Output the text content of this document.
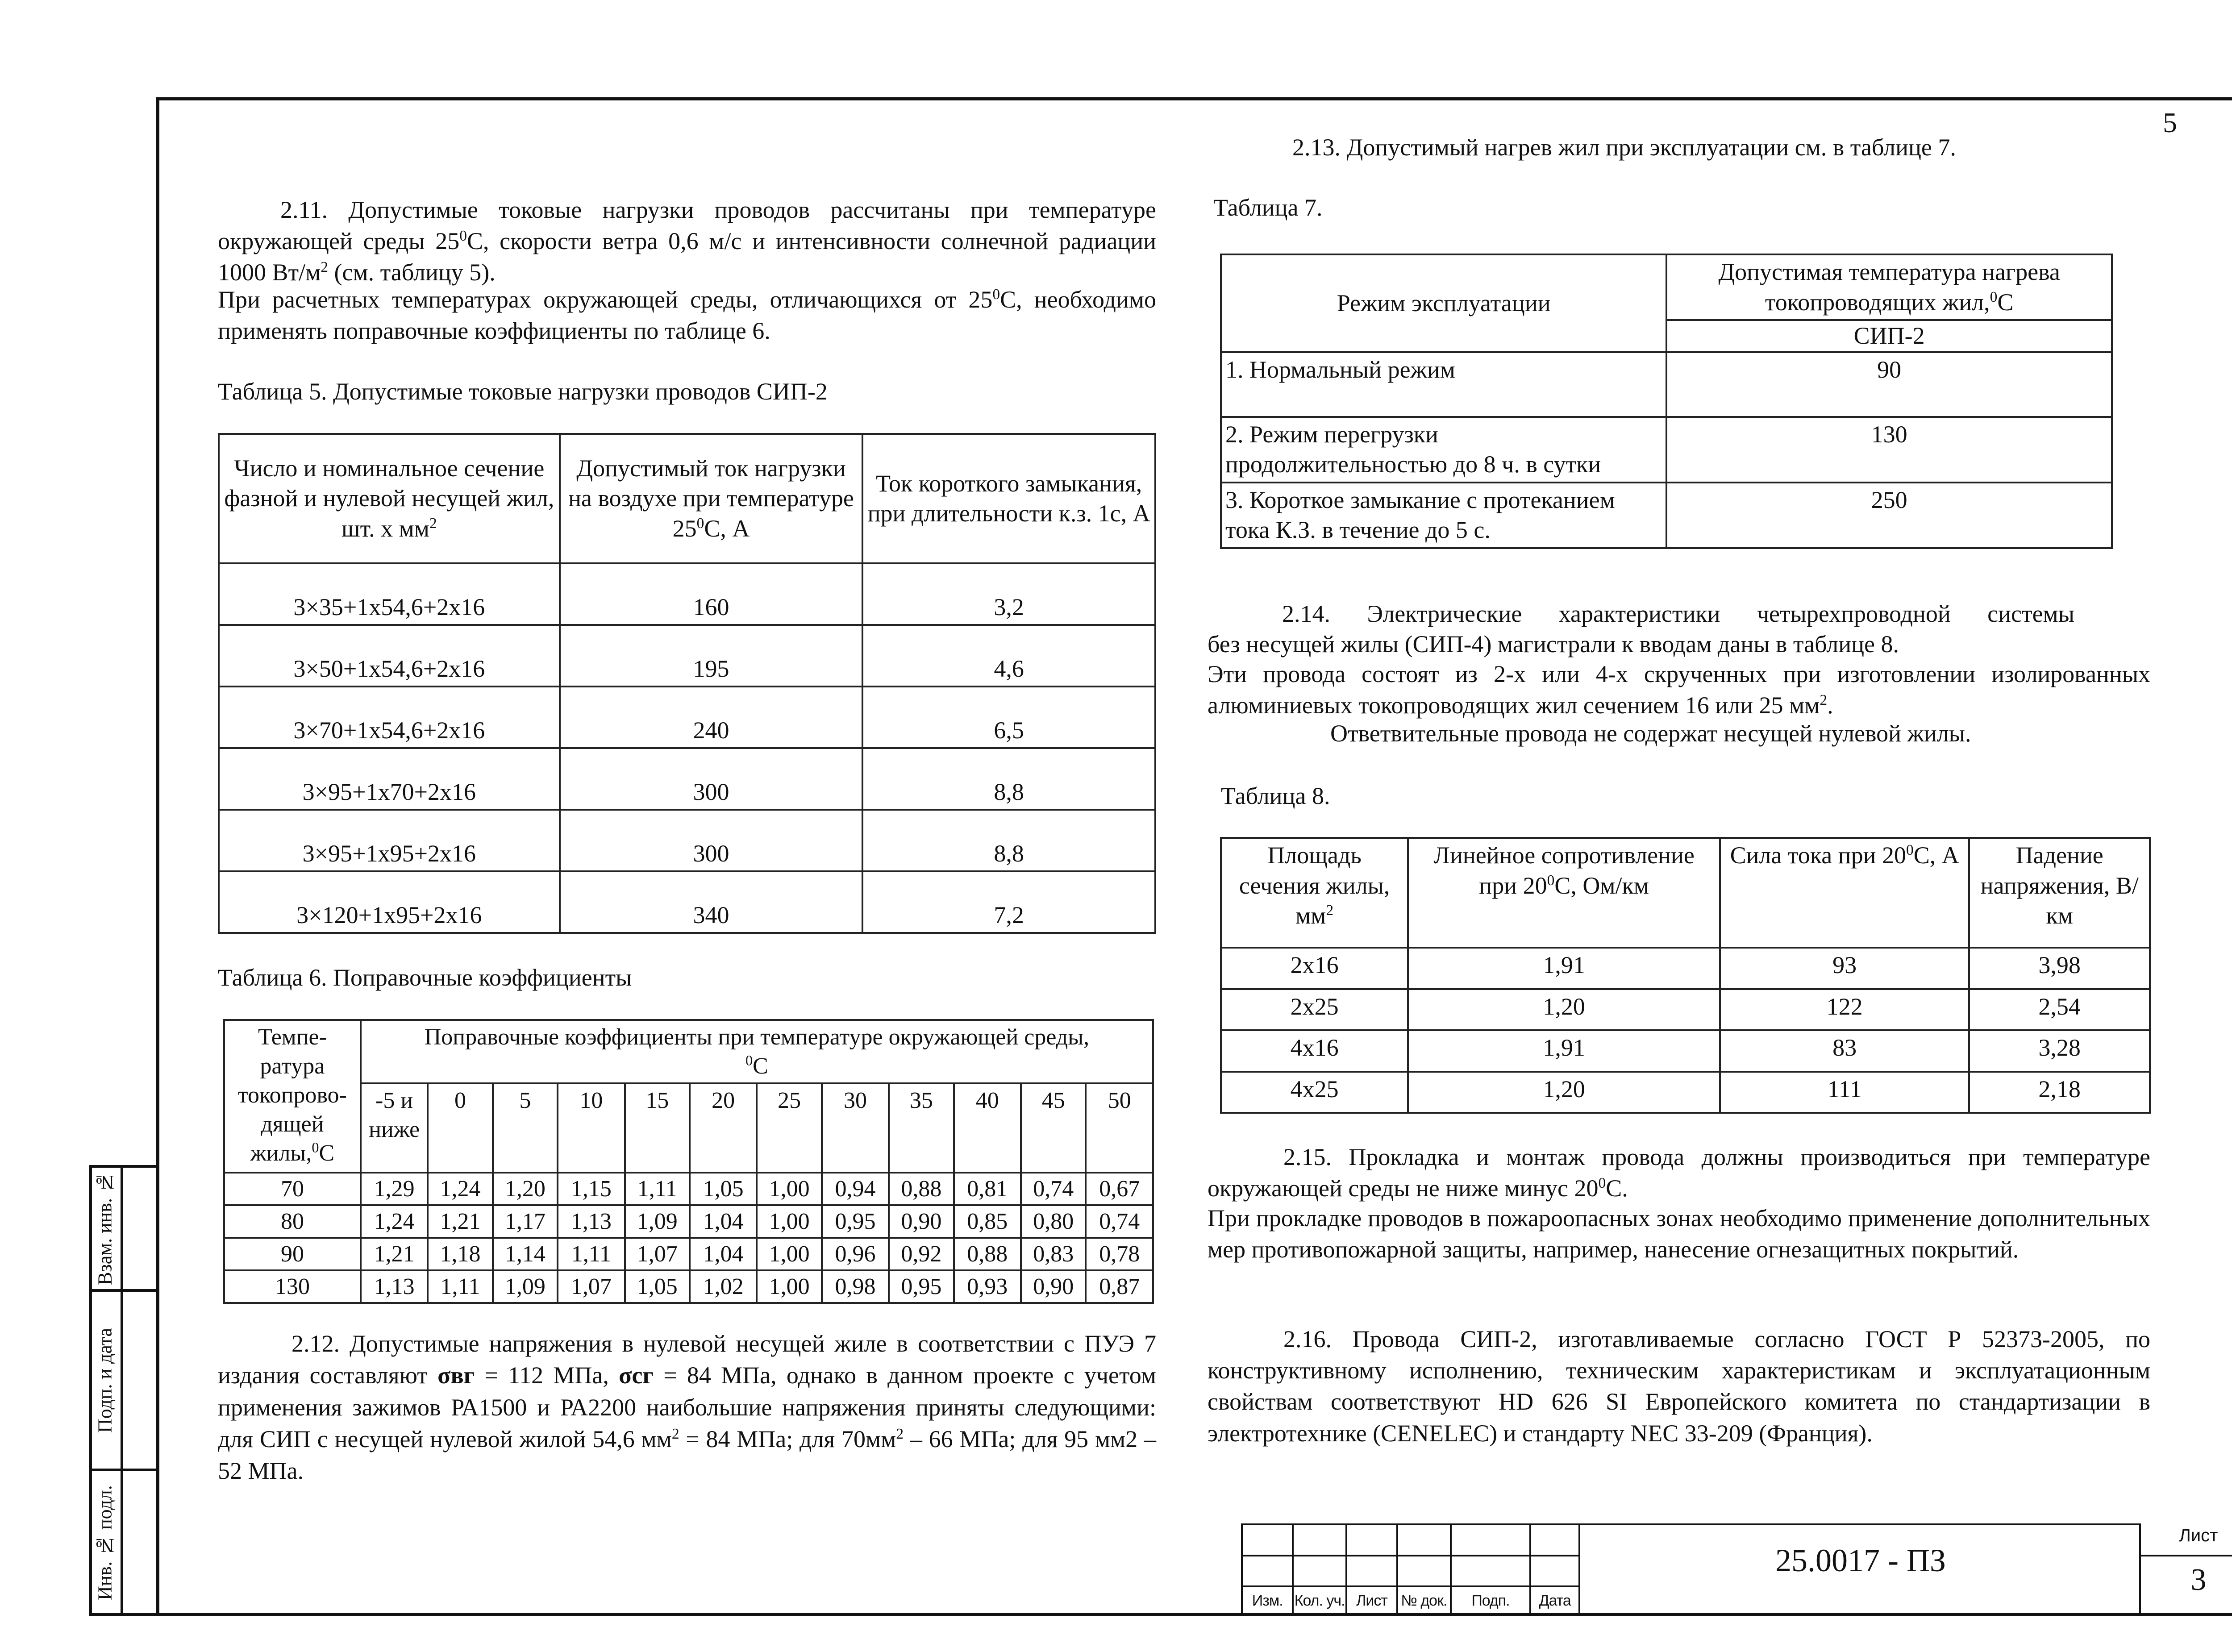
5
2.11. Допустимые токовые нагрузки проводов рассчитаны при температуре окружающей среды $25^0С$, скорости ветра 0,6 м/с и интенсивности солнечной радиации 1000 $Вт/м^2$ (см. таблицу 5).
При расчетных температурах окружающей среды, отличающихся от $25^0С$, необходимо применять поправочные коэффициенты по таблице 6.
Таблица 5. Допустимые токовые нагрузки проводов СИП-2
Число и номинальное сечение фазной и нулевой несущей жил, шт. х $мм^2$	Допустимый ток нагрузки на воздухе при температуре $25^0С$, А	Ток короткого замыкания, при длительности к.з. 1с, А
3×35+1х54,6+2х16	160	3,2
3×50+1х54,6+2х16	195	4,6
3×70+1х54,6+2х16	240	6,5
3×95+1х70+2х16	300	8,8
3×95+1х95+2х16	300	8,8
3×120+1х95+2х16	340	7,2
Таблица 6. Поправочные коэффициенты
Темпе-ратура токопрово-дящей жилы,$^0$С	Поправочные коэффициенты при температуре окружающей среды,
$^0$С											
	-5 и ниже	0	5	10	15	20	25	30	35	40	45	50
70	1,29	1,24	1,20	1,15	1,11	1,05	1,00	0,94	0,88	0,81	0,74	0,67
80	1,24	1,21	1,17	1,13	1,09	1,04	1,00	0,95	0,90	0,85	0,80	0,74
90	1,21	1,18	1,14	1,11	1,07	1,04	1,00	0,96	0,92	0,88	0,83	0,78
130	1,13	1,11	1,09	1,07	1,05	1,02	1,00	0,98	0,95	0,93	0,90	0,87
2.12. Допустимые напряжения в нулевой несущей жиле в соответствии с ПУЭ 7 издания составляют σвг = 112 МПа, σсг = 84 МПа, однако в данном проекте с учетом применения зажимов РА1500 и РА2200 наибольшие напряжения приняты следующими: для СИП с несущей нулевой жилой 54,6 $мм^2 = 84$ МПа; для $70мм^2 - 66$ МПа; для 95 мм2 – 52 МПа.
2.13. Допустимый нагрев жил при эксплуатации см. в таблице 7.
Таблица 7.
Режим эксплуатации	Допустимая температура нагрева токопроводящих жил,$^0$С
	СИП-2
1. Нормальный режим	90
2. Режим перегрузки продолжительностью до 8 ч. в сутки	130
3. Короткое замыкание с протеканием тока К.З. в течение до 5 с.	250
2.14. Электрические характеристики четырехпроводной системы
без несущей жилы (СИП-4) магистрали к вводам даны в таблице 8.
Эти провода состоят из 2-х или 4-х скрученных при изготовлении изолированных алюминиевых токопроводящих жил сечением 16 или 25 $мм^2$.
Ответвительные провода не содержат несущей нулевой жилы.
Таблица 8.
Площадь сечения жилы, $мм^2$	Линейное сопротивление при $20^0С$, Ом/км	Сила тока при $20^0С$, А	Падение напряжения, В/км
2х16	1,91	93	3,98
2х25	1,20	122	2,54
4х16	1,91	83	3,28
4х25	1,20	111	2,18
2.15. Прокладка и монтаж провода должны производиться при температуре окружающей среды не ниже минус $20^0С$.
При прокладке проводов в пожароопасных зонах необходимо применение дополнительных мер противопожарной защиты, например, нанесение огнезащитных покрытий.
2.16. Провода СИП-2, изготавливаемые согласно ГОСТ Р 52373-2005, по конструктивному исполнению, техническим характеристикам и эксплуатационным свойствам соответствуют HD 626 SI Европейского комитета по стандартизации в электротехнике (CENELEC) и стандарту NEC 33-209 (Франция).
Взам. инв. №
Подп. и дата
Инв. № подл.

Изм.	Кол. уч.	Лист	№ док.	Подп.	Дата
25.0017 - ПЗ
Лист
3
